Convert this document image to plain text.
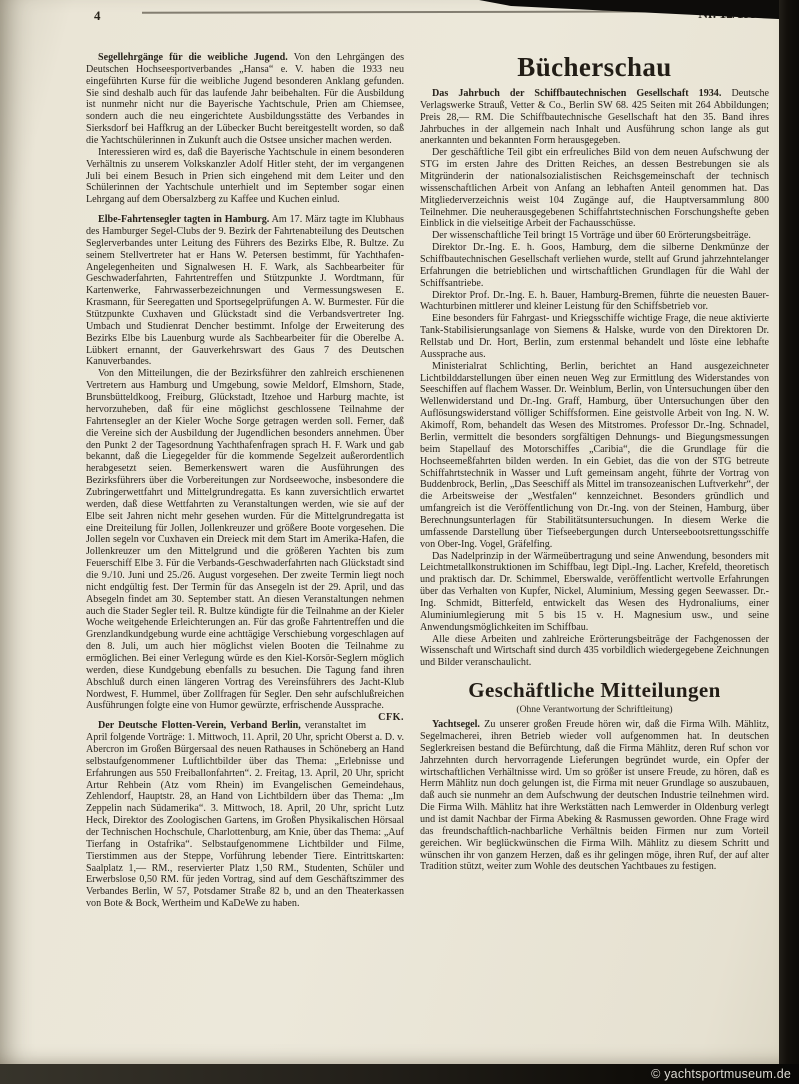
4

Segellehrgänge für die weibliche Jugend. Von den Lehrgängen des Deutschen Hochseesportverbandes „Hansa“ e. V. haben die 1933 neu eingeführten Kurse für die weibliche Jugend besonderen Anklang gefunden. Sie sind deshalb auch für das laufende Jahr beibehalten. Für die Ausbildung ist nunmehr nicht nur die Bayerische Yachtschule, Prien am Chiemsee, sondern auch die neu eingerichtete Ausbildungsstätte des Verbandes in Sierksdorf bei Haffkrug an der Lübecker Bucht bereitgestellt worden, so daß die Yachtschülerinnen in Zukunft auch die Ostsee unsicher machen werden.

Interessieren wird es, daß die Bayerische Yachtschule in einem besonderen Verhältnis zu unserem Volkskanzler Adolf Hitler steht, der im vergangenen Juli bei einem Besuch in Prien sich eingehend mit dem Leiter und den Schülerinnen der Yachtschule unterhielt und im September sogar einen Lehrgang auf dem Obersalzberg zu Kaffee und Kuchen einlud.

Elbe-Fahrtensegler tagten in Hamburg. Am 17. März tagte im Klubhaus des Hamburger Segel-Clubs der 9. Bezirk der Fahrtenabteilung des Deutschen Seglerverbandes unter Leitung des Führers des Bezirks Elbe, R. Bultze. Zu seinem Stellvertreter hat er Hans W. Petersen bestimmt, für Yachthafen-Angelegenheiten und Signalwesen H. F. Wark, als Sachbearbeiter für Geschwaderfahrten, Fahrtentreffen und Stützpunkte J. Wordtmann, für Kartenwerke, Fahrwasserbezeichnungen und Vermessungswesen E. Krasmann, für Seeregatten und Sportsegelprüfungen A. W. Burmester. Für die Stützpunkte Cuxhaven und Glückstadt sind die Verbandsvertreter Ing. Umbach und Studienrat Dencher bestimmt. Infolge der Erweiterung des Bezirks Elbe bis Lauenburg wurde als Sachbearbeiter für die Oberelbe A. Lübkert ernannt, der Gauverkehrswart des Gaus 7 des Deutschen Kanuverbandes.

Von den Mitteilungen, die der Bezirksführer den zahlreich erschienenen Vertretern aus Hamburg und Umgebung, sowie Meldorf, Elmshorn, Stade, Brunsbütteldkoog, Freiburg, Glückstadt, Itzehoe und Harburg machte, ist hervorzuheben, daß für eine möglichst geschlossene Teilnahme der Fahrtensegler an der Kieler Woche Sorge getragen werden soll. Ferner, daß die Vereine sich der Ausbildung der Jugendlichen besonders annehmen. Über den Punkt 2 der Tagesordnung Yachthafenfragen sprach H. F. Wark und gab bekannt, daß die Liegegelder für die kommende Segelzeit außerordentlich herabgesetzt seien. Bemerkenswert waren die Ausführungen des Bezirksführers über die Vorbereitungen zur Nordseewoche, insbesondere die Zubringerwettfahrt und Mittelgrundregatta. Es kann zuversichtlich erwartet werden, daß diese Wettfahrten zu Veranstaltungen werden, wie sie auf der Elbe seit Jahren nicht mehr gesehen wurden. Für die Mittelgrundregatta ist eine Dreiteilung für Jollen, Jollenkreuzer und größere Boote vorgesehen. Die Jollen segeln vor Cuxhaven ein Dreieck mit dem Start im Amerika-Hafen, die Jollenkreuzer um den Mittelgrund und die größeren Yachten bis zum Feuerschiff Elbe 3. Für die Verbands-Geschwaderfahrten nach Glückstadt sind die 9./10. Juni und 25./26. August vorgesehen. Der zweite Termin liegt noch nicht endgültig fest. Der Termin für das Ansegeln ist der 29. April, und das Absegeln findet am 30. September statt. An diesen Veranstaltungen nehmen auch die Stader Segler teil. R. Bultze kündigte für die Teilnahme an der Kieler Woche weitgehende Erleichterungen an. Für das große Fahrtentreffen und die Grenzlandkundgebung wurde eine achttägige Verschiebung vorgeschlagen auf den 8. Juli, um auch hier möglichst vielen Booten die Teilnahme zu ermöglichen. Bei einer Verlegung würde es den Kiel-Korsör-Seglern möglich werden, diese Kundgebung ebenfalls zu besuchen. Die Tagung fand ihren Abschluß durch einen längeren Vortrag des Vereinsführers des Jacht-Klub Nordwest, F. Hummel, über Zollfragen für Segler. Den sehr aufschlußreichen Ausführungen folgte eine von Humor gewürzte, erfrischende Aussprache.
CFK.

Der Deutsche Flotten-Verein, Verband Berlin, veranstaltet im April folgende Vorträge: 1. Mittwoch, 11. April, 20 Uhr, spricht Oberst a. D. v. Abercron im Großen Bürgersaal des neuen Rathauses in Schöneberg an Hand selbstaufgenommener Luftlichtbilder über das Thema: „Erlebnisse und Erfahrungen aus 550 Freiballonfahrten“. 2. Freitag, 13. April, 20 Uhr, spricht Artur Rehbein (Atz vom Rhein) im Evangelischen Gemeindehaus, Zehlendorf, Hauptstr. 28, an Hand von Lichtbildern über das Thema: „Im Zeppelin nach Südamerika“. 3. Mittwoch, 18. April, 20 Uhr, spricht Lutz Heck, Direktor des Zoologischen Gartens, im Großen Physikalischen Hörsaal der Technischen Hochschule, Charlottenburg, am Knie, über das Thema: „Auf Tierfang in Ostafrika“. Selbstaufgenommene Lichtbilder und Filme, Tierstimmen aus der Steppe, Vorführung lebender Tiere. Eintrittskarten: Saalplatz 1,— RM., reservierter Platz 1,50 RM., Studenten, Schüler und Erwerbslose 0,50 RM. für jeden Vortrag, sind auf dem Geschäftszimmer des Verbandes Berlin, W 57, Potsdamer Straße 82 b, und an den Theaterkassen von Bote & Bock, Wertheim und KaDeWe zu haben.

Bücherschau

Das Jahrbuch der Schiffbautechnischen Gesellschaft 1934. Deutsche Verlagswerke Strauß, Vetter & Co., Berlin SW 68. 425 Seiten mit 264 Abbildungen; Preis 28,— RM. Die Schiffbautechnische Gesellschaft hat den 35. Band ihres Jahrbuches in der allgemein nach Inhalt und Ausführung schon lange als gut anerkannten und bekannten Form herausgegeben.

Der geschäftliche Teil gibt ein erfreuliches Bild von dem neuen Aufschwung der STG im ersten Jahre des Dritten Reiches, an dessen Bestrebungen sie als Mitgründerin der nationalsozialistischen Reichsgemeinschaft der technisch wissenschaftlichen Arbeit von Anfang an lebhaften Anteil genommen hat. Das Mitgliederverzeichnis weist 104 Zugänge auf, die Hauptversammlung 800 Teilnehmer. Die neuherausgegebenen Schiffahrtstechnischen Forschungshefte geben Einblick in die vielseitige Arbeit der Fachausschüsse.

Der wissenschaftliche Teil bringt 15 Vorträge und über 60 Erörterungsbeiträge.

Direktor Dr.-Ing. E. h. Goos, Hamburg, dem die silberne Denkmünze der Schiffbautechnischen Gesellschaft verliehen wurde, stellt auf Grund jahrzehntelanger Erfahrungen die betrieblichen und wirtschaftlichen Grundlagen für die Wahl der Schiffsantriebe.

Direktor Prof. Dr.-Ing. E. h. Bauer, Hamburg-Bremen, führte die neuesten Bauer-Wachturbinen mittlerer und kleiner Leistung für den Schiffsbetrieb vor.

Eine besonders für Fahrgast- und Kriegsschiffe wichtige Frage, die neue aktivierte Tank-Stabilisierungsanlage von Siemens & Halske, wurde von den Direktoren Dr. Rellstab und Dr. Hort, Berlin, zum erstenmal behandelt und löste eine lebhafte Aussprache aus.

Ministerialrat Schlichting, Berlin, berichtet an Hand ausgezeichneter Lichtbilddarstellungen über einen neuen Weg zur Ermittlung des Widerstandes von Seeschiffen auf flachem Wasser. Dr. Weinblum, Berlin, von Untersuchungen über den Wellenwiderstand und Dr.-Ing. Graff, Hamburg, über Untersuchungen über den Auflösungswiderstand völliger Schiffsformen. Eine geistvolle Arbeit von Ing. N. W. Akimoff, Rom, behandelt das Wesen des Mitstromes. Professor Dr.-Ing. Schnadel, Berlin, vermittelt die besonders sorgfältigen Dehnungs- und Biegungsmessungen beim Stapellauf des Motorschiffes „Caribia“, die die Grundlage für die Hochseemeßfahrten bilden werden. In ein Gebiet, das die von der STG betreute Schiffahrtstechnik in Wasser und Luft gemeinsam angeht, führte der Vortrag von Buddenbrock, Berlin, „Das Seeschiff als Mittel im transozeanischen Luftverkehr“, der die Arbeitsweise der „Westfalen“ kennzeichnet. Besonders gründlich und umfangreich ist die Veröffentlichung von Dr.-Ing. von der Steinen, Hamburg, über Berechnungsunterlagen für Stabilitätsuntersuchungen. In diesem Werke die umfassende Darstellung über Tiefseebergungen durch Unterseebootsrettungsschiffe von Ober-Ing. Vogel, Gräfelfing.

Das Nadelprinzip in der Wärmeübertragung und seine Anwendung, besonders mit Leichtmetallkonstruktionen im Schiffbau, legt Dipl.-Ing. Lacher, Krefeld, theoretisch und praktisch dar. Dr. Schimmel, Eberswalde, veröffentlicht wertvolle Erfahrungen über das Verhalten von Kupfer, Nickel, Aluminium, Messing gegen Seewasser. Dr.-Ing. Schmidt, Bitterfeld, entwickelt das Wesen des Hydronaliums, einer Aluminiumlegierung mit 5 bis 15 v. H. Magnesium usw., und seine Anwendungsmöglichkeiten im Schiffbau.

Alle diese Arbeiten und zahlreiche Erörterungsbeiträge der Fachgenossen der Wissenschaft und Wirtschaft sind durch 435 vorbildlich wiedergegebene Zeichnungen und Bilder veranschaulicht.

Geschäftliche Mitteilungen

(Ohne Verantwortung der Schriftleitung)

Yachtsegel. Zu unserer großen Freude hören wir, daß die Firma Wilh. Mählitz, Segelmacherei, ihren Betrieb wieder voll aufgenommen hat. In deutschen Seglerkreisen bestand die Befürchtung, daß die Firma Mählitz, deren Ruf schon vor Jahrzehnten durch hervorragende Lieferungen begründet wurde, ein Opfer der wirtschaftlichen Verhältnisse wird. Um so größer ist unsere Freude, zu hören, daß es Herrn Mählitz nun doch gelungen ist, die Firma mit neuer Grundlage so auszubauen, daß auch sie nunmehr an dem Aufschwung der deutschen Industrie teilnehmen wird. Die Firma Wilh. Mählitz hat ihre Werkstätten nach Lemwerder in Oldenburg verlegt und ist damit Nachbar der Firma Abeking & Rasmussen geworden. Ohne Frage wird das freundschaftlich-nachbarliche Verhältnis beiden Firmen nur zum Vorteil gereichen. Wir beglückwünschen die Firma Wilh. Mählitz zu diesem Schritt und wünschen ihr von ganzem Herzen, daß es ihr gelingen möge, ihren Ruf, der auf alter Tradition stützt, weiter zum Wohle des deutschen Yachtbaues zu festigen.

© yachtsportmuseum.de
